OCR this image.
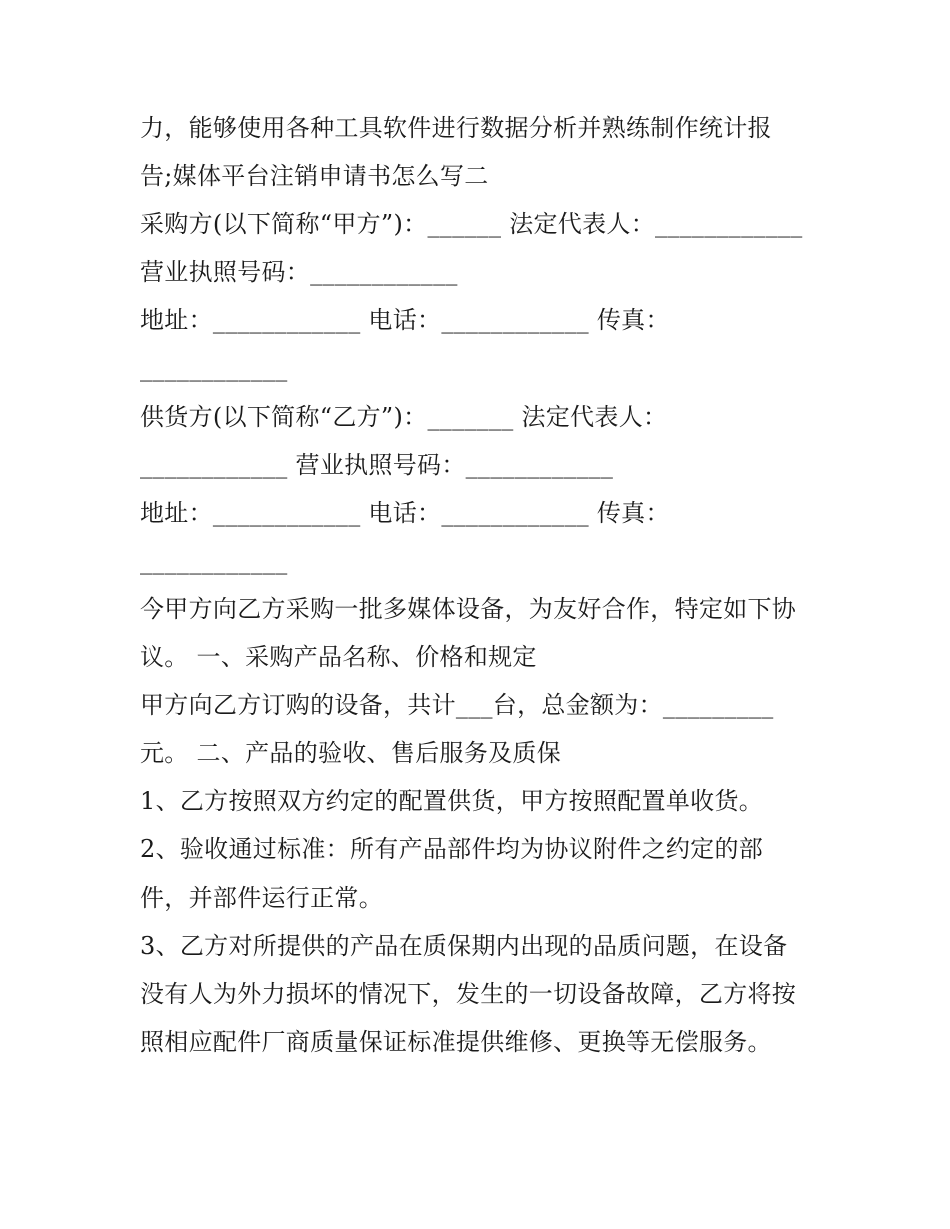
力，能够使用各种工具软件进行数据分析并熟练制作统计报
告;媒体平台注销申请书怎么写二
采购方(以下简称“甲方”)：______ 法定代表人：____________
营业执照号码：____________
地址：____________ 电话：____________ 传真：
____________
供货方(以下简称“乙方”)：_______ 法定代表人：
____________ 营业执照号码：____________
地址：____________ 电话：____________ 传真：
____________
今甲方向乙方采购一批多媒体设备，为友好合作，特定如下协
议。 一、采购产品名称、价格和规定
甲方向乙方订购的设备，共计___台，总金额为：_________
元。 二、产品的验收、售后服务及质保
1、乙方按照双方约定的配置供货，甲方按照配置单收货。
2、验收通过标准：所有产品部件均为协议附件之约定的部
件，并部件运行正常。
3、乙方对所提供的产品在质保期内出现的品质问题，在设备
没有人为外力损坏的情况下，发生的一切设备故障，乙方将按
照相应配件厂商质量保证标准提供维修、更换等无偿服务。
